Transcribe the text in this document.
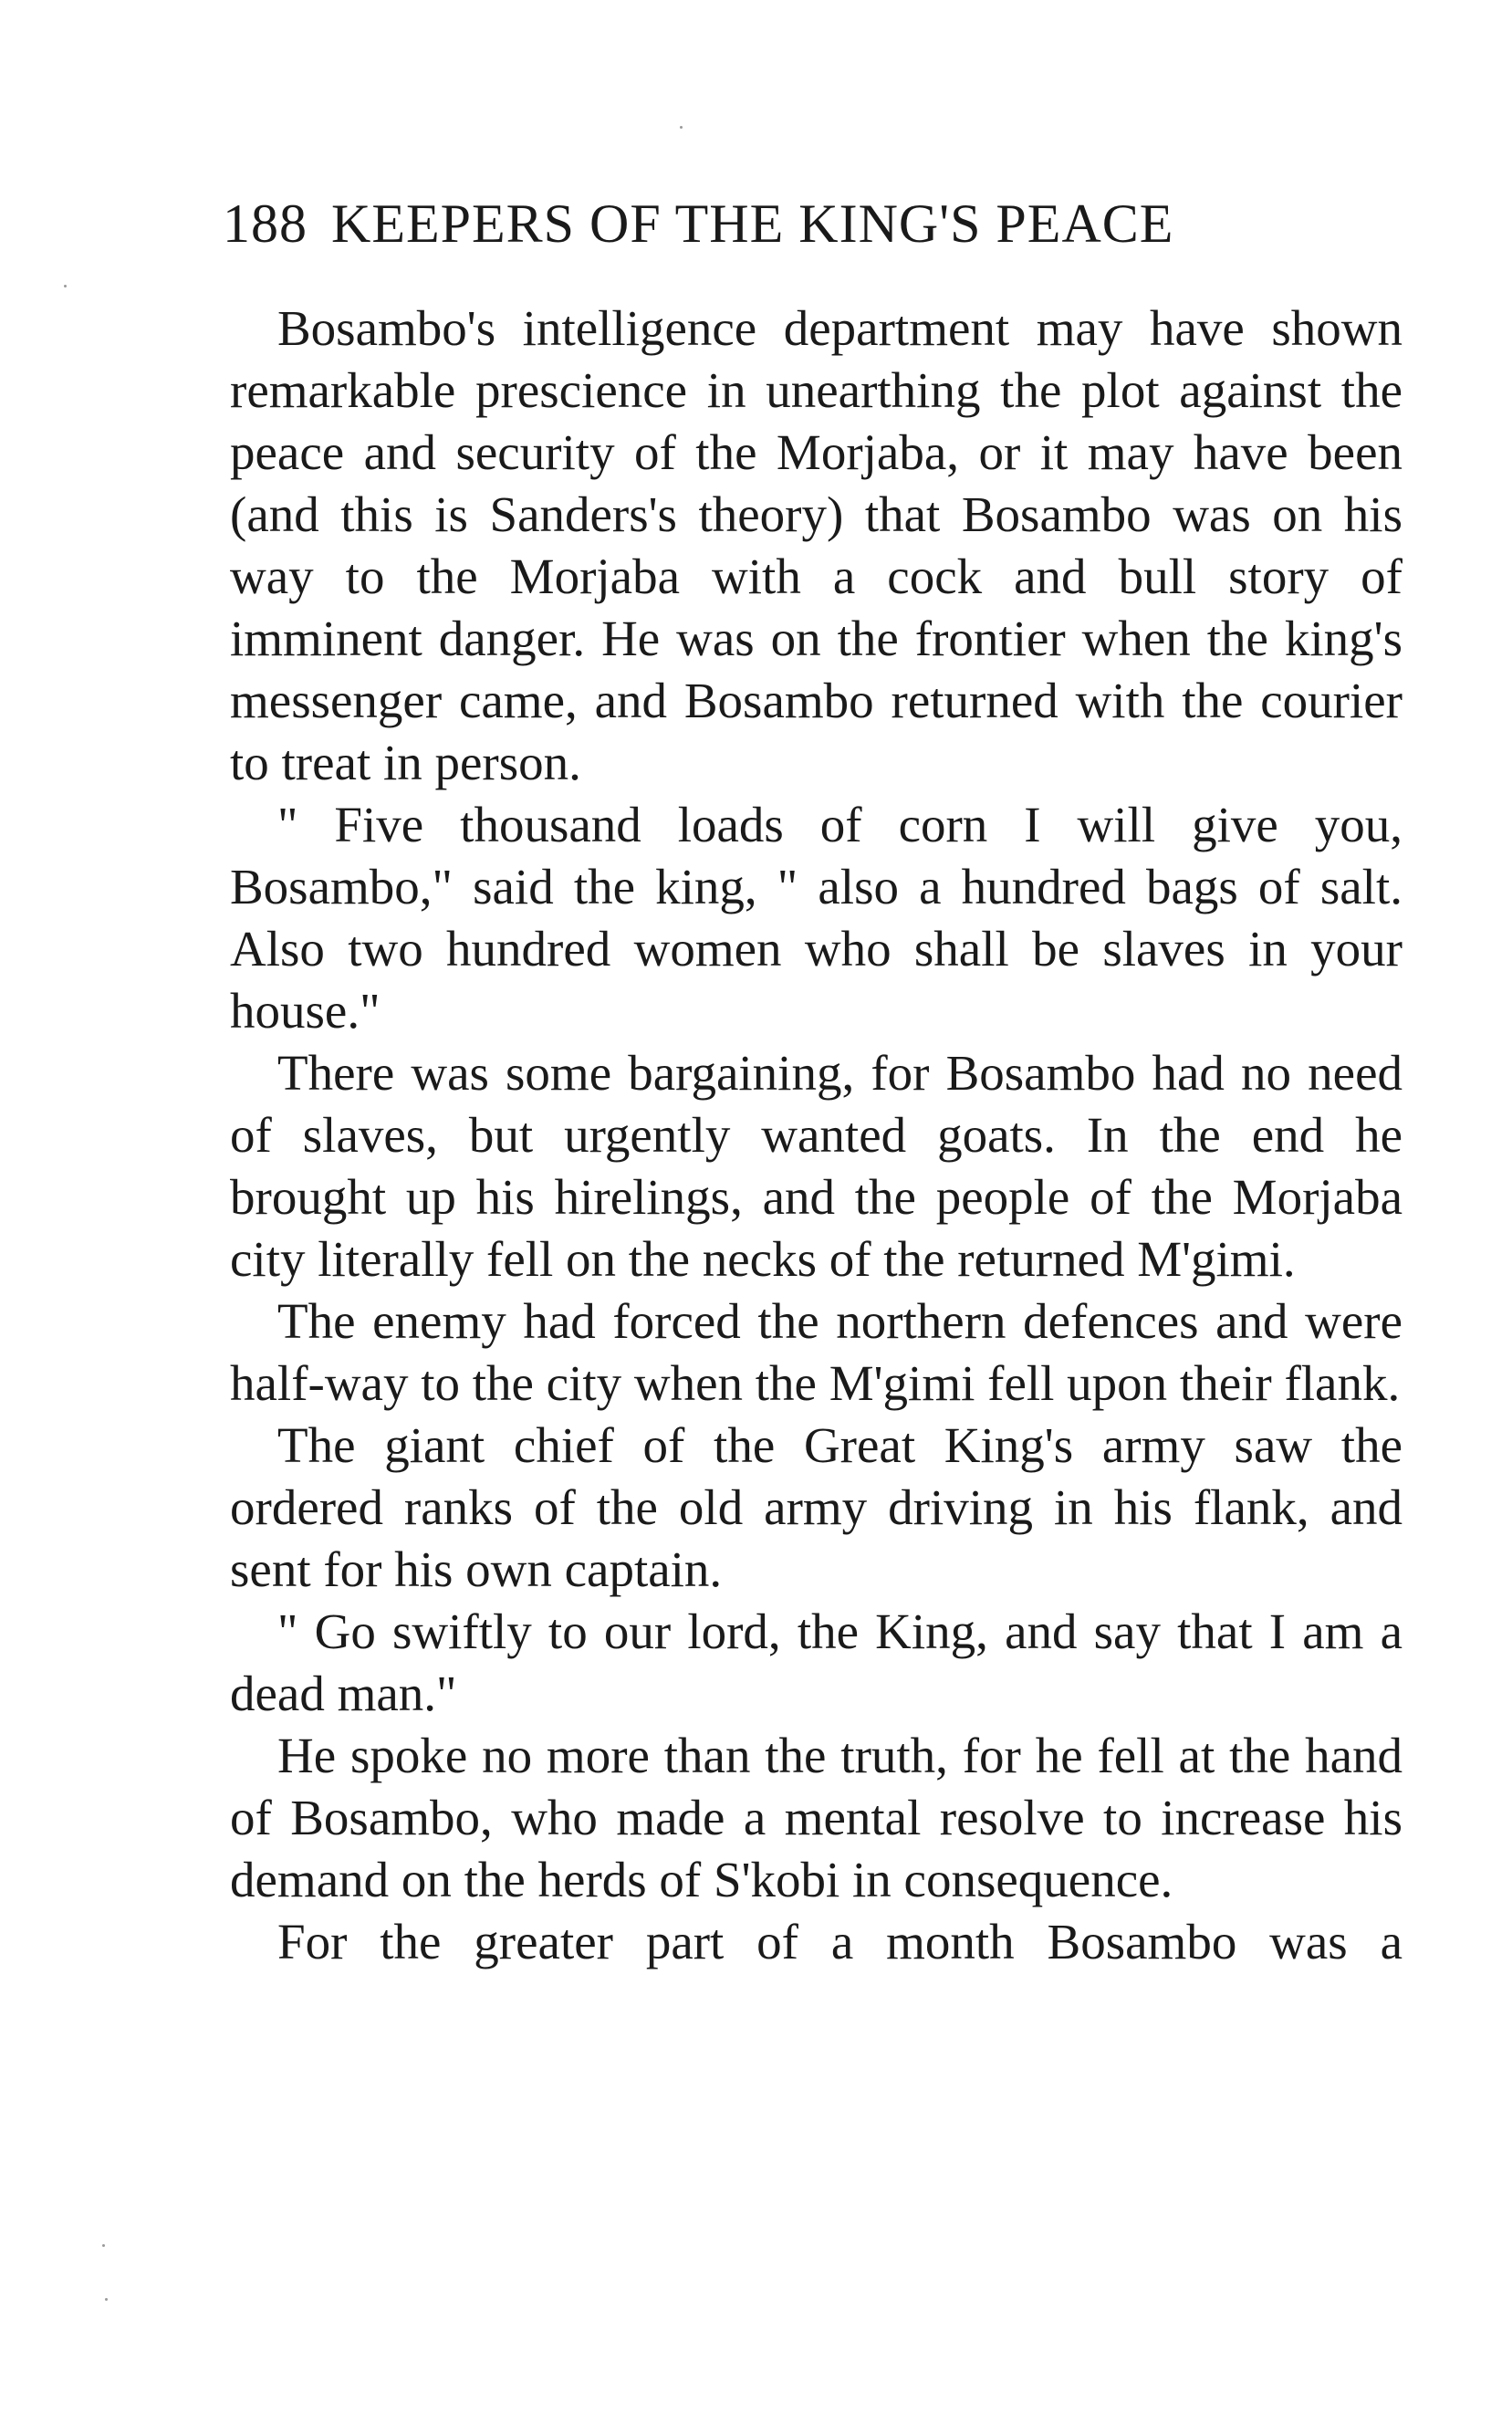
188 KEEPERS OF THE KING'S PEACE

Bosambo's intelligence department may have shown remarkable prescience in unearthing the plot against the peace and security of the Morjaba, or it may have been (and this is Sanders's theory) that Bosambo was on his way to the Morjaba with a cock and bull story of imminent danger. He was on the frontier when the king's messenger came, and Bosambo returned with the courier to treat in person.

" Five thousand loads of corn I will give you, Bosambo," said the king, " also a hundred bags of salt. Also two hundred women who shall be slaves in your house."

There was some bargaining, for Bosambo had no need of slaves, but urgently wanted goats. In the end he brought up his hirelings, and the people of the Morjaba city literally fell on the necks of the returned M'gimi.

The enemy had forced the northern defences and were half-way to the city when the M'gimi fell upon their flank.

The giant chief of the Great King's army saw the ordered ranks of the old army driving in his flank, and sent for his own captain.

" Go swiftly to our lord, the King, and say that I am a dead man."

He spoke no more than the truth, for he fell at the hand of Bosambo, who made a mental resolve to increase his demand on the herds of S'kobi in consequence.

For the greater part of a month Bosambo was a
